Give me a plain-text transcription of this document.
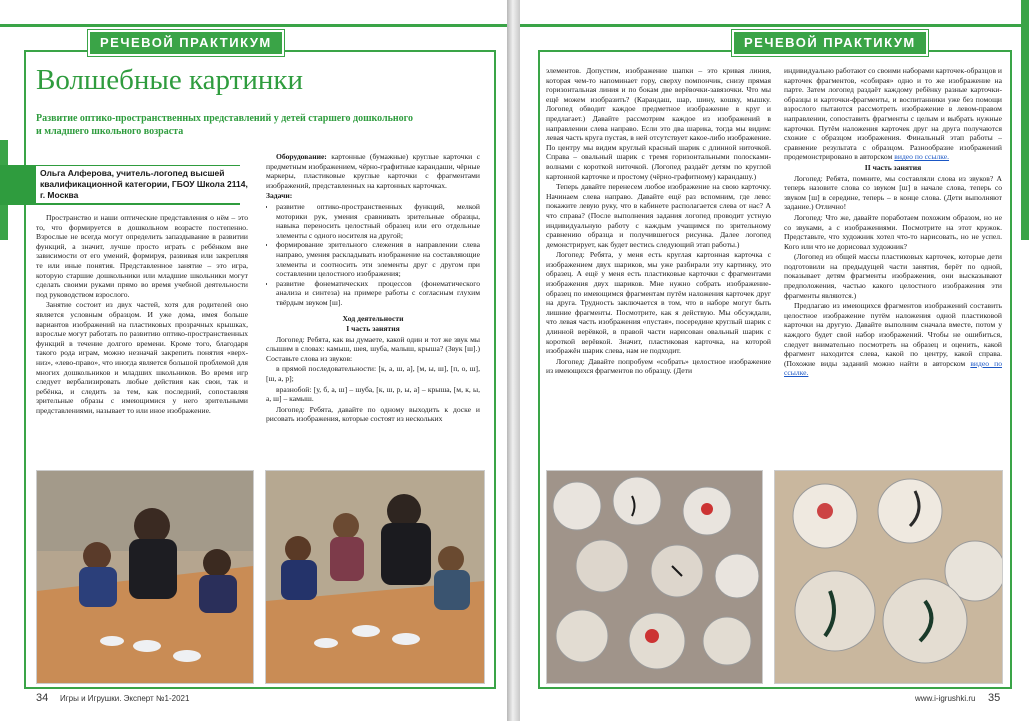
РЕЧЕВОЙ ПРАКТИКУМ
Волшебные картинки
Развитие оптико-пространственных представлений у детей старшего дошкольного и младшего школьного возраста
Ольга Алферова, учитель-логопед высшей квалификационной категории, ГБОУ Школа 2114, г. Москва

Пространство и наши оптические представления о нём – это то, что формируется в дошкольном возрасте постепенно. Взрослые не всегда могут определить запаздывание в развитии функций, а значит, лучше просто играть с ребёнком вне зависимости от его умений, формируя, развивая или закрепляя те или иные понятия. Представленное занятие – это игра, которую старшие дошкольники или младшие школьники могут сделать своими руками прямо во время учебной деятельности под руководством взрослого.

Занятие состоит из двух частей, хотя для родителей оно является условным образцом. И уже дома, имея больше вариантов изображений на пластиковых прозрачных крышках, взрослые могут работать по развитию оптико-пространственных функций в течение долгого времени. Кроме того, благодаря такого рода играм, можно незначай закрепить понятия «верх-низ», «лево-право», что иногда является большой проблемой для многих дошкольников и младших школьников. Во время игр следует вербализировать любые действия как свои, так и ребёнка, и следить за тем, как последний, сопоставляя зрительные образы с имеющимися у него зрительными представлениями, называет то или иное изображение.

Оборудование: картонные (бумажные) круглые карточки с предметным изображением, чёрно-графитные карандаши, чёрные маркеры, пластиковые круглые карточки с фрагментами изображений, представленных на картонных карточках.

Задачи:

• развитие оптико-пространственных функций, мелкой моторики рук, умения сравнивать зрительные образцы, навыка переносить целостный образец или его отдельные элементы с одного носителя на другой;
• формирование зрительного слежения в направлении слева направо, умения раскладывать изображение на составляющие элементы и соотносить эти элементы друг с другом при составлении целостного изображения;
• развитие фонематических процессов (фонематического анализа и синтеза) на примере работы с согласным глухим твёрдым звуком [ш].

Ход деятельности

I часть занятия

Логопед: Ребята, как вы думаете, какой один и тот же звук мы слышим в словах: камыш, шея, шуба, малыш, крыша? (Звук [ш].) Составьте слова из звуков:

в прямой последовательности: [к, а, ш, а], [м, ы, ш], [п, о, ш], [ш, а, р];

вразнобой: [у, б, а, ш] – шуба, [к, ш, р, ы, а] – крыша, [м, к, ы, а, ш] – камыш.

Логопед: Ребята, давайте по одному выходить к доске и рисовать изображения, которые состоят из нескольких

34 Игры и Игрушки. Эксперт №1-2021
РЕЧЕВОЙ ПРАКТИКУМ

элементов. Допустим, изображение шапки – это кривая линия, которая чем-то напоминает гору, сверху помпончик, снизу прямая горизонтальная линия и по бокам две верёвочки-завязочки. Что мы ещё можем изобразить? (Карандаш, шар, шину, кошку, мышку. Логопед обводит каждое предметное изображение в круг и предлагает.) Давайте рассмотрим каждое из изображений в направлении слева направо. Если это два шарика, тогда мы видим: левая часть круга пустая, в ней отсутствует какое-либо изображение. По центру мы видим круглый красный шарик с длинной ниточкой. Справа – овальный шарик с тремя горизонтальными полосками-волнами с короткой ниточкой. (Логопед раздаёт детям по круглой картонной карточке и простому (чёрно-графитному) карандашу.)

Теперь давайте перенесем любое изображение на свою карточку. Начинаем слева направо. Давайте ещё раз вспомним, где лево: покажите левую руку, что в кабинете располагается слева от нас? А что справа? (После выполнения задания логопед проводит устную индивидуальную работу с каждым учащимся по зрительному сравнению образца и получившегося рисунка. Далее логопед демонстрирует, как будет вестись следующий этап работы.)

Логопед: Ребята, у меня есть круглая картонная карточка с изображением двух шариков, мы уже разбирали эту картинку, это образец. А ещё у меня есть пластиковые карточки с фрагментами изображения двух шариков. Мне нужно собрать изображение-образец по имеющимся фрагментам путём наложения карточек друг на друга. Трудность заключается в том, что в наборе могут быть лишние фрагменты. Посмотрите, как я действую. Мы обсуждали, что левая часть изображения «пустая», посередине круглый шарик с длинной верёвкой, в правой части нарисован овальный шарик с короткой верёвкой. Значит, пластиковая карточка, на которой изображён шарик слева, нам не подходит.

Логопед: Давайте попробуем «собрать» целостное изображение из имеющихся фрагментов по образцу. (Дети

индивидуально работают со своими наборами карточек-образцов и карточек фрагментов, «собирая» одно и то же изображение на парте. Затем логопед раздаёт каждому ребёнку разные карточки-образцы и карточки-фрагменты, и воспитанники уже без помощи взрослого пытаются рассмотреть изображение в левом-правом направлении, сопоставить фрагменты с целым и выбрать нужные карточки. Путём наложения карточек друг на друга получаются схожие с образцом изображения. Финальный этап работы – сравнение результата с образцом. Разнообразие изображений продемонстрировано в авторском видео по ссылке.

II часть занятия

Логопед: Ребята, помните, мы составляли слова из звуков? А теперь назовите слова со звуком [ш] в начале слова, теперь со звуком [ш] в середине, теперь – в конце слова. (Дети выполняют задание.) Отлично!

Логопед: Что же, давайте поработаем похожим образом, но не со звуками, а с изображениями. Посмотрите на этот кружок. Представьте, что художник хотел что-то нарисовать, но не успел. Кого или что не дорисовал художник?

(Логопед из общей массы пластиковых карточек, которые дети подготовили на предыдущей части занятия, берёт по одной, показывает детям фрагменты изображения, они высказывают предположения, частью какого целостного изображения эти фрагменты являются.)

Предлагаю из имеющихся фрагментов изображений составить целостное изображение путём наложения одной пластиковой карточки на другую. Давайте выполним сначала вместе, потом у каждого будет свой набор изображений. Чтобы не ошибиться, следует внимательно посмотреть на образец и оценить, какой фрагмент находится слева, какой по центру, какой справа. (Похожие виды заданий можно найти в авторском видео по ссылке.

www.i-igrushki.ru 35
